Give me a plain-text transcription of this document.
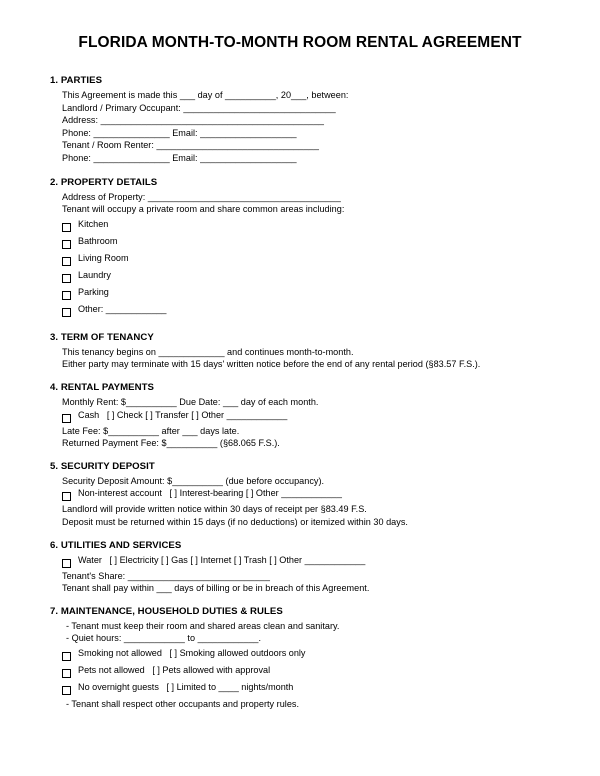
FLORIDA MONTH-TO-MONTH ROOM RENTAL AGREEMENT
1. PARTIES
This Agreement is made this ___ day of __________, 20___, between:
Landlord / Primary Occupant: ______________________________
Address: ____________________________________________
Phone: _______________ Email: ___________________
Tenant / Room Renter: ________________________________
Phone: _______________ Email: ___________________
2. PROPERTY DETAILS
Address of Property: ______________________________________
Tenant will occupy a private room and share common areas including:
Kitchen
Bathroom
Living Room
Laundry
Parking
Other: ____________
3. TERM OF TENANCY
This tenancy begins on _____________ and continues month-to-month.
Either party may terminate with 15 days' written notice before the end of any rental period (§83.57 F.S.).
4. RENTAL PAYMENTS
Monthly Rent: $__________ Due Date: ___ day of each month.
Cash   [ ] Check [ ] Transfer [ ] Other ____________
Late Fee: $__________ after ___ days late.
Returned Payment Fee: $__________ (§68.065 F.S.).
5. SECURITY DEPOSIT
Security Deposit Amount: $__________ (due before occupancy).
Non-interest account   [ ] Interest-bearing [ ] Other ____________
Landlord will provide written notice within 30 days of receipt per §83.49 F.S.
Deposit must be returned within 15 days (if no deductions) or itemized within 30 days.
6. UTILITIES AND SERVICES
Water   [ ] Electricity [ ] Gas [ ] Internet [ ] Trash [ ] Other ____________
Tenant's Share: ____________________________
Tenant shall pay within ___ days of billing or be in breach of this Agreement.
7. MAINTENANCE, HOUSEHOLD DUTIES & RULES
- Tenant must keep their room and shared areas clean and sanitary.
- Quiet hours: ____________ to ____________.
Smoking not allowed   [ ] Smoking allowed outdoors only
Pets not allowed   [ ] Pets allowed with approval
No overnight guests   [ ] Limited to ____ nights/month
- Tenant shall respect other occupants and property rules.
